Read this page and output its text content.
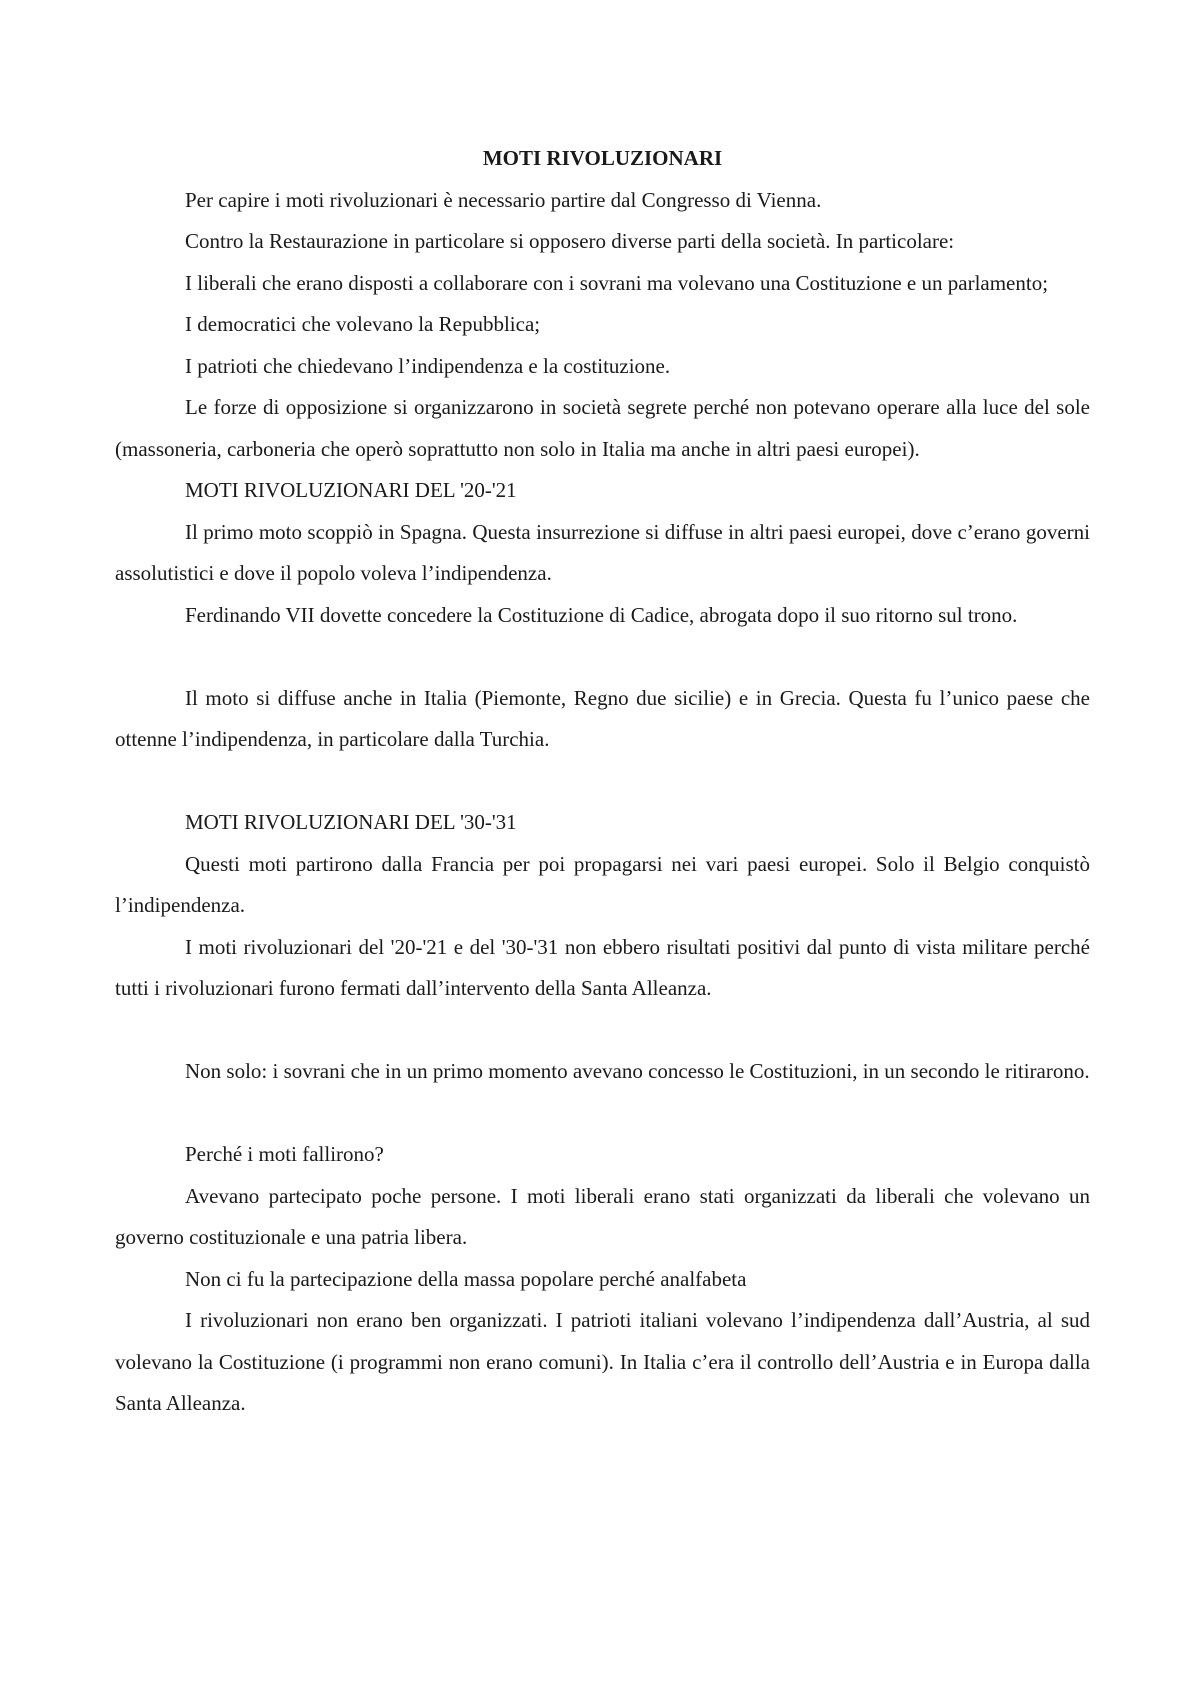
MOTI RIVOLUZIONARI

Per capire i moti rivoluzionari è necessario partire dal Congresso di Vienna.

Contro la Restaurazione in particolare si opposero diverse parti della società. In particolare:

I liberali che erano disposti a collaborare con i sovrani ma volevano una Costituzione e un parlamento;

I democratici che volevano la Repubblica;

I patrioti che chiedevano l’indipendenza e la costituzione.

Le forze di opposizione si organizzarono in società segrete perché non potevano operare alla luce del sole (massoneria, carboneria che operò soprattutto non solo in Italia ma anche in altri paesi europei).

MOTI RIVOLUZIONARI DEL '20-'21

Il primo moto scoppiò in Spagna. Questa insurrezione si diffuse in altri paesi europei, dove c’erano governi assolutistici e dove il popolo voleva l’indipendenza.

Ferdinando VII dovette concedere la Costituzione di Cadice, abrogata dopo il suo ritorno sul trono.

Il moto si diffuse anche in Italia (Piemonte, Regno due sicilie) e in Grecia. Questa fu l’unico paese che ottenne l’indipendenza, in particolare dalla Turchia.

MOTI RIVOLUZIONARI DEL '30-'31

Questi moti partirono dalla Francia per poi propagarsi nei vari paesi europei. Solo il Belgio conquistò l’indipendenza.

I moti rivoluzionari del '20-'21 e del '30-'31 non ebbero risultati positivi dal punto di vista militare perché tutti i rivoluzionari furono fermati dall’intervento della Santa Alleanza.

Non solo: i sovrani che in un primo momento avevano concesso le Costituzioni, in un secondo le ritirarono.

Perché i moti fallirono?

Avevano partecipato poche persone. I moti liberali erano stati organizzati da liberali che volevano un governo costituzionale e una patria libera.

Non ci fu la partecipazione della massa popolare perché analfabeta

I rivoluzionari non erano ben organizzati. I patrioti italiani volevano l’indipendenza dall’Austria, al sud volevano la Costituzione (i programmi non erano comuni). In Italia c’era il controllo dell’Austria e in Europa dalla Santa Alleanza.
